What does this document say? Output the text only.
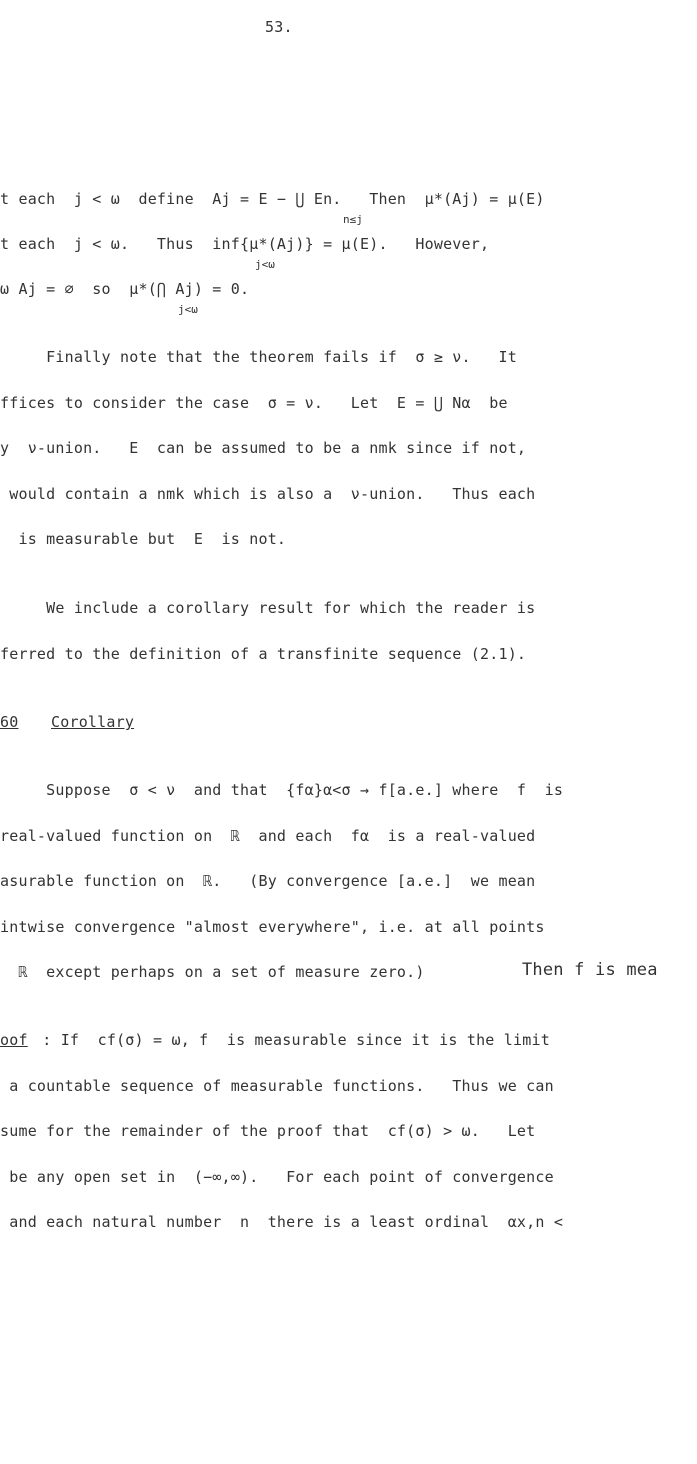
53.
t each  j < ω  define  Aj = E − ⋃ En.   Then  μ*(Aj) = μ(E)
n≤j
t each  j < ω.   Thus  inf{μ*(Aj)} = μ(E).   However,
j<ω
ω Aj = ∅  so  μ*(⋂ Aj) = 0.
j<ω
Finally note that the theorem fails if  σ ≥ ν.   It
ffices to consider the case  σ = ν.   Let  E = ⋃ Nα  be
y  ν-union.   E  can be assumed to be a nmk since if not,
would contain a nmk which is also a  ν-union.   Thus each
is measurable but  E  is not.
We include a corollary result for which the reader is
ferred to the definition of a transfinite sequence (2.1).
60 Corollary
Suppose  σ < ν  and that  {fα}α<σ → f[a.e.] where  f  is
real-valued function on  ℝ  and each  fα  is a real-valued
asurable function on  ℝ.   (By convergence [a.e.]  we mean
intwise convergence "almost everywhere", i.e. at all points
ℝ  except perhaps on a set of measure zero.)	Then f is mea
oof : If  cf(σ) = ω, f  is measurable since it is the limit
a countable sequence of measurable functions.   Thus we can
sume for the remainder of the proof that  cf(σ) > ω.   Let
be any open set in  (−∞,∞).   For each point of convergence
and each natural number  n  there is a least ordinal  αx,n <
